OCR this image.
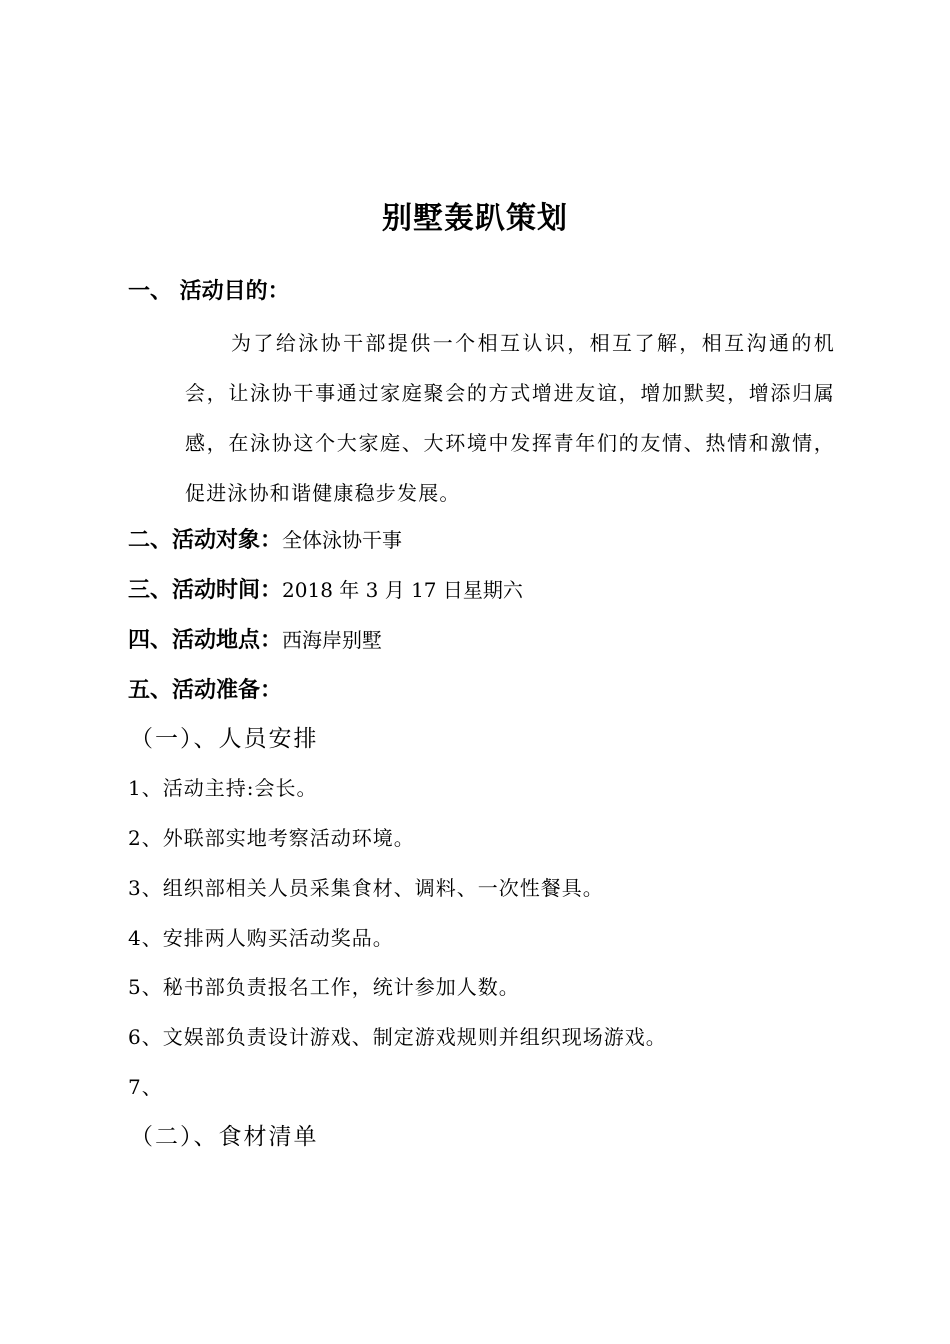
别墅轰趴策划
一、 活动目的：
为了给泳协干部提供一个相互认识，相互了解，相互沟通的机会，让泳协干事通过家庭聚会的方式增进友谊，增加默契，增添归属感，在泳协这个大家庭、大环境中发挥青年们的友情、热情和激情，促进泳协和谐健康稳步发展。
二、活动对象：全体泳协干事
三、活动时间：2018 年 3 月 17 日星期六
四、活动地点：西海岸别墅
五、活动准备：
（一）、人员安排
1、活动主持:会长。
2、外联部实地考察活动环境。
3、组织部相关人员采集食材、调料、一次性餐具。
4、安排两人购买活动奖品。
5、秘书部负责报名工作，统计参加人数。
6、文娱部负责设计游戏、制定游戏规则并组织现场游戏。
7、
（二）、食材清单
